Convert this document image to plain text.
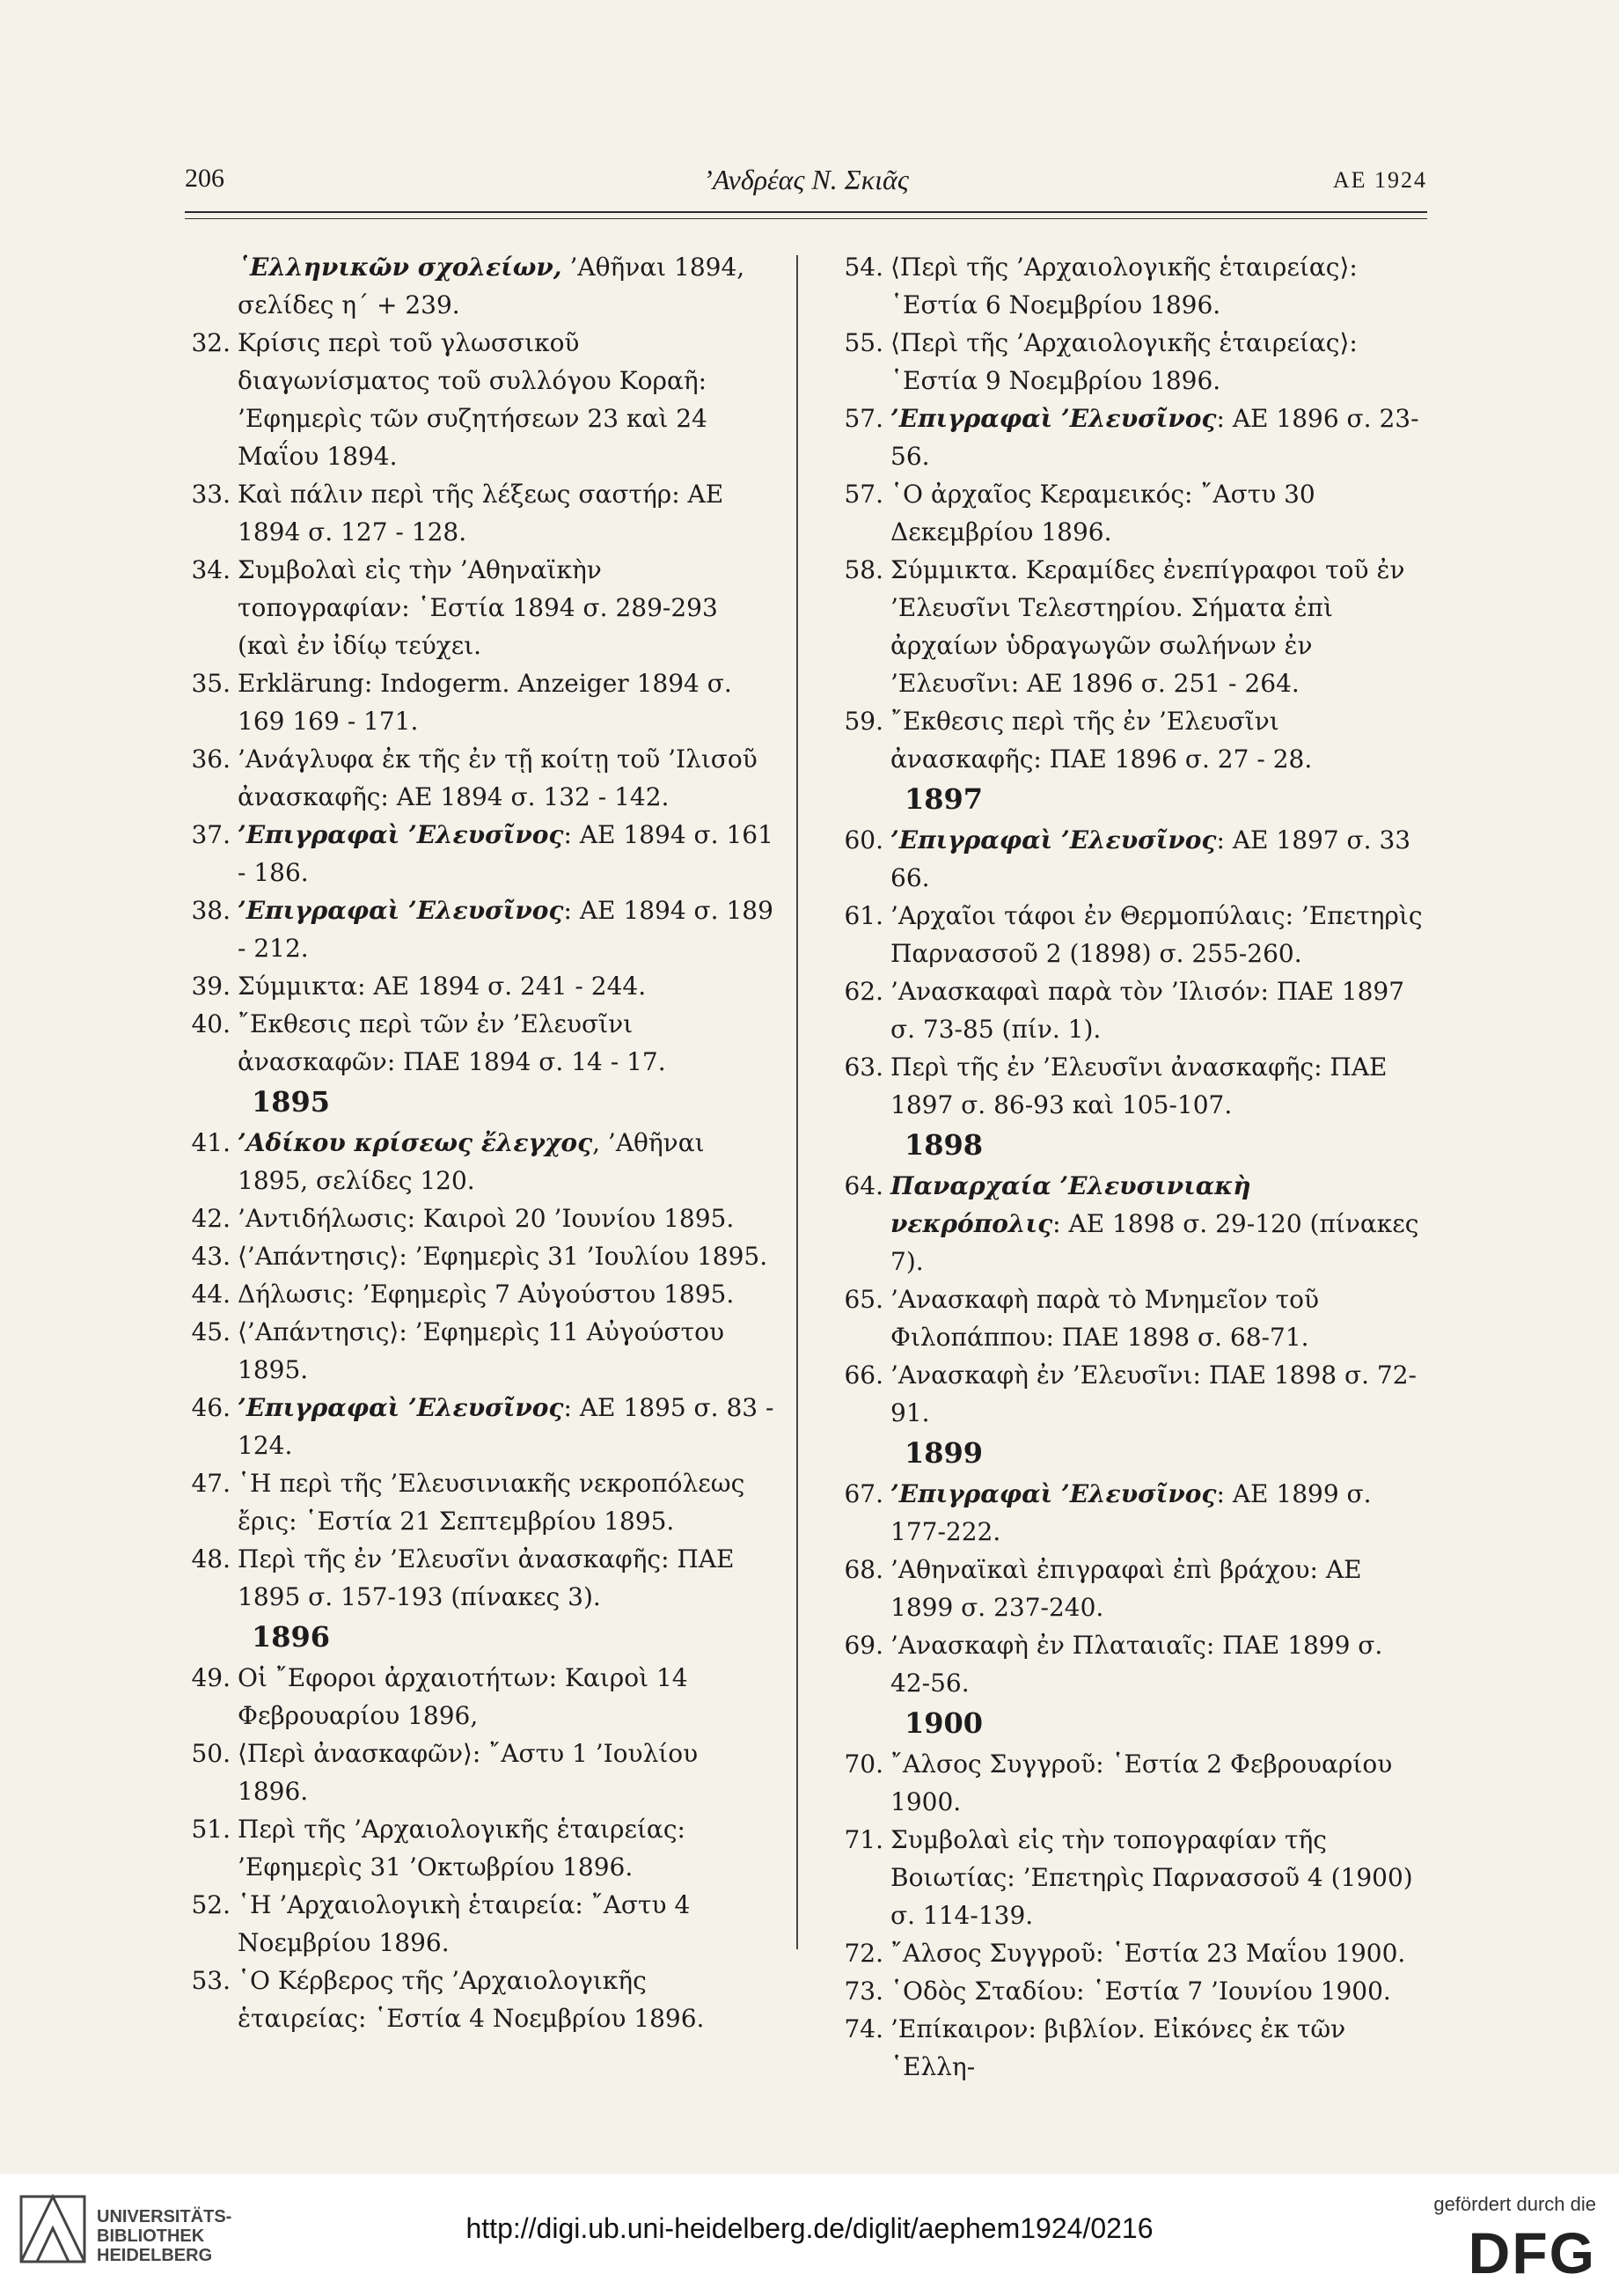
206	’Ανδρέας Ν. Σκιᾶς	ΑΕ 1924
῾Ελληνικῶν σχολείων, ’Αθῆναι 1894, σελίδες η´ + 239.
32. Κρίσις περὶ τοῦ γλωσσικοῦ διαγωνίσματος τοῦ συλλόγου Κοραῆ: ’Εφημερὶς τῶν συζητήσεων 23 καὶ 24 Μαΐου 1894.
33. Καὶ πάλιν περὶ τῆς λέξεως σαστήρ: ΑΕ 1894 σ. 127 - 128.
34. Συμβολαὶ εἰς τὴν ’Αθηναϊκὴν τοπογραφίαν: ῾Εστία 1894 σ. 289-293 (καὶ ἐν ἰδίῳ τεύχει.
35. Erklärung: Indogerm. Anzeiger 1894 σ. 169 169 - 171.
36. ’Ανάγλυφα ἐκ τῆς ἐν τῇ κοίτῃ τοῦ ’Ιλισοῦ ἀνασκαφῆς: ΑΕ 1894 σ. 132 - 142.
37. ’Επιγραφαὶ ’Ελευσῖνος: ΑΕ 1894 σ. 161 - 186.
38. ’Επιγραφαὶ ’Ελευσῖνος: ΑΕ 1894 σ. 189 - 212.
39. Σύμμικτα: ΑΕ 1894 σ. 241 - 244.
40. ῎Εκθεσις περὶ τῶν ἐν ’Ελευσῖνι ἀνασκαφῶν: ΠΑΕ 1894 σ. 14 - 17.
1895
41. ’Αδίκου κρίσεως ἔλεγχος, ’Αθῆναι 1895, σελίδες 120.
42. ’Αντιδήλωσις: Καιροὶ 20 ’Ιουνίου 1895.
43. ⟨’Απάντησις⟩: ’Εφημερὶς 31 ’Ιουλίου 1895.
44. Δήλωσις: ’Εφημερὶς 7 Αὐγούστου 1895.
45. ⟨’Απάντησις⟩: ’Εφημερὶς 11 Αὐγούστου 1895.
46. ’Επιγραφαὶ ’Ελευσῖνος: ΑΕ 1895 σ. 83 - 124.
47. ῾Η περὶ τῆς ’Ελευσινιακῆς νεκροπόλεως ἔρις: ῾Εστία 21 Σεπτεμβρίου 1895.
48. Περὶ τῆς ἐν ’Ελευσῖνι ἀνασκαφῆς: ΠΑΕ 1895 σ. 157-193 (πίνακες 3).
1896
49. Οἱ ῎Εφοροι ἀρχαιοτήτων: Καιροὶ 14 Φεβρουαρίου 1896,
50. ⟨Περὶ ἀνασκαφῶν⟩: ῎Αστυ 1 ’Ιουλίου 1896.
51. Περὶ τῆς ’Αρχαιολογικῆς ἑταιρείας: ’Εφημερὶς 31 ’Οκτωβρίου 1896.
52. ῾Η ’Αρχαιολογικὴ ἑταιρεία: ῎Αστυ 4 Νοεμβρίου 1896.
53. ῾Ο Κέρβερος τῆς ’Αρχαιολογικῆς ἑταιρείας: ῾Εστία 4 Νοεμβρίου 1896.
54. ⟨Περὶ τῆς ’Αρχαιολογικῆς ἑταιρείας⟩: ῾Εστία 6 Νοεμβρίου 1896.
55. ⟨Περὶ τῆς ’Αρχαιολογικῆς ἑταιρείας⟩: ῾Εστία 9 Νοεμβρίου 1896.
57. ’Επιγραφαὶ ’Ελευσῖνος: ΑΕ 1896 σ. 23-56.
57. ῾Ο ἀρχαῖος Κεραμεικός: ῎Αστυ 30 Δεκεμβρίου 1896.
58. Σύμμικτα. Κεραμίδες ἐνεπίγραφοι τοῦ ἐν ’Ελευσῖνι Τελεστηρίου. Σήματα ἐπὶ ἀρχαίων ὑδραγωγῶν σωλήνων ἐν ’Ελευσῖνι: ΑΕ 1896 σ. 251 - 264.
59. ῎Εκθεσις περὶ τῆς ἐν ’Ελευσῖνι ἀνασκαφῆς: ΠΑΕ 1896 σ. 27 - 28.
1897
60. ’Επιγραφαὶ ’Ελευσῖνος: ΑΕ 1897 σ. 33 66.
61. ’Αρχαῖοι τάφοι ἐν Θερμοπύλαις: ’Επετηρὶς Παρνασσοῦ 2 (1898) σ. 255-260.
62. ’Ανασκαφαὶ παρὰ τὸν ’Ιλισόν: ΠΑΕ 1897 σ. 73-85 (πίν. 1).
63. Περὶ τῆς ἐν ’Ελευσῖνι ἀνασκαφῆς: ΠΑΕ 1897 σ. 86-93 καὶ 105-107.
1898
64. Παναρχαία ’Ελευσινιακὴ νεκρόπολις: ΑΕ 1898 σ. 29-120 (πίνακες 7).
65. ’Ανασκαφὴ παρὰ τὸ Μνημεῖον τοῦ Φιλοπάππου: ΠΑΕ 1898 σ. 68-71.
66. ’Ανασκαφὴ ἐν ’Ελευσῖνι: ΠΑΕ 1898 σ. 72-91.
1899
67. ’Επιγραφαὶ ’Ελευσῖνος: ΑΕ 1899 σ. 177-222.
68. ’Αθηναϊκαὶ ἐπιγραφαὶ ἐπὶ βράχου: ΑΕ 1899 σ. 237-240.
69. ’Ανασκαφὴ ἐν Πλαταιαῖς: ΠΑΕ 1899 σ. 42-56.
1900
70. ῎Αλσος Συγγροῦ: ῾Εστία 2 Φεβρουαρίου 1900.
71. Συμβολαὶ εἰς τὴν τοπογραφίαν τῆς Βοιωτίας: ’Επετηρὶς Παρνασσοῦ 4 (1900) σ. 114-139.
72. ῎Αλσος Συγγροῦ: ῾Εστία 23 Μαΐου 1900.
73. ῾Οδὸς Σταδίου: ῾Εστία 7 ’Ιουνίου 1900.
74. ’Επίκαιρον: βιβλίον. Εἰκόνες ἐκ τῶν ῾Ελλη-
UNIVERSITÄTS-
BIBLIOTHEK
HEIDELBERG
http://digi.ub.uni-heidelberg.de/diglit/aephem1924/0216
gefördert durch die
DFG
